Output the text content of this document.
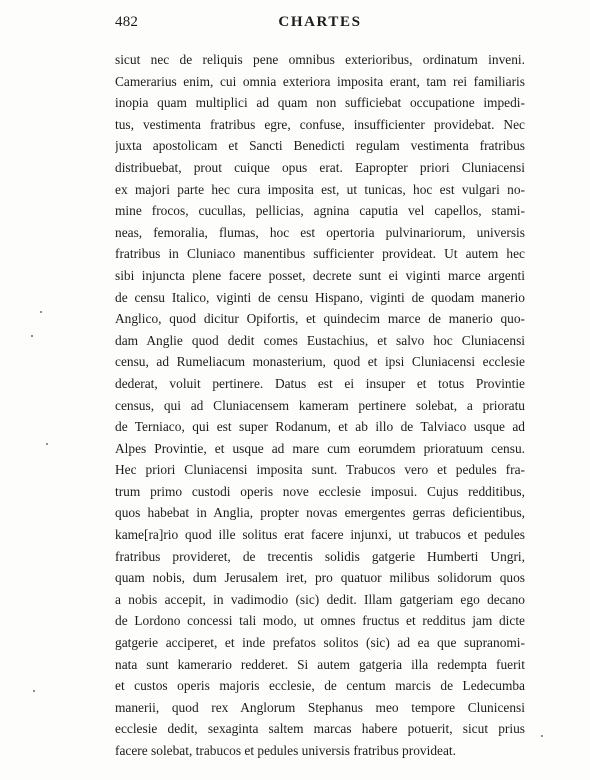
482	CHARTES
sicut nec de reliquis pene omnibus exterioribus, ordinatum inveni.
Camerarius enim, cui omnia exteriora imposita erant, tam rei familiaris
inopia quam multiplici ad quam non sufficiebat occupatione impedi-
tus, vestimenta fratribus egre, confuse, insufficienter providebat. Nec
juxta apostolicam et Sancti Benedicti regulam vestimenta fratribus
distribuebat, prout cuique opus erat. Eapropter priori Cluniacensi
ex majori parte hec cura imposita est, ut tunicas, hoc est vulgari no-
mine frocos, cucullas, pellicias, agnina caputia vel capellos, stami-
neas, femoralia, flumas, hoc est opertoria pulvinariorum, universis
fratribus in Cluniaco manentibus sufficienter provideat. Ut autem hec
sibi injuncta plene facere posset, decrete sunt ei viginti marce argenti
de censu Italico, viginti de censu Hispano, viginti de quodam manerio
Anglico, quod dicitur Opifortis, et quindecim marce de manerio quo-
dam Anglie quod dedit comes Eustachius, et salvo hoc Cluniacensi
censu, ad Rumeliacum monasterium, quod et ipsi Cluniacensi ecclesie
dederat, voluit pertinere. Datus est ei insuper et totus Provintie
census, qui ad Cluniacensem kameram pertinere solebat, a prioratu
de Terniaco, qui est super Rodanum, et ab illo de Talviaco usque ad
Alpes Provintie, et usque ad mare cum eorumdem prioratuum censu.
Hec priori Cluniacensi imposita sunt. Trabucos vero et pedules fra-
trum primo custodi operis nove ecclesie imposui. Cujus redditibus,
quos habebat in Anglia, propter novas emergentes gerras deficientibus,
kame[ra]rio quod ille solitus erat facere injunxi, ut trabucos et pedules
fratribus provideret, de trecentis solidis gatgerie Humberti Ungri,
quam nobis, dum Jerusalem iret, pro quatuor milibus solidorum quos
a nobis accepit, in vadimodio (sic) dedit. Illam gatgeriam ego decano
de Lordono concessi tali modo, ut omnes fructus et redditus jam dicte
gatgerie acciperet, et inde prefatos solitos (sic) ad ea que supranomi-
nata sunt kamerario redderet. Si autem gatgeria illa redempta fuerit
et custos operis majoris ecclesie, de centum marcis de Ledecumba
manerii, quod rex Anglorum Stephanus meo tempore Clunicensi
ecclesie dedit, sexaginta saltem marcas habere potuerit, sicut prius
facere solebat, trabucos et pedules universis fratribus provideat.
